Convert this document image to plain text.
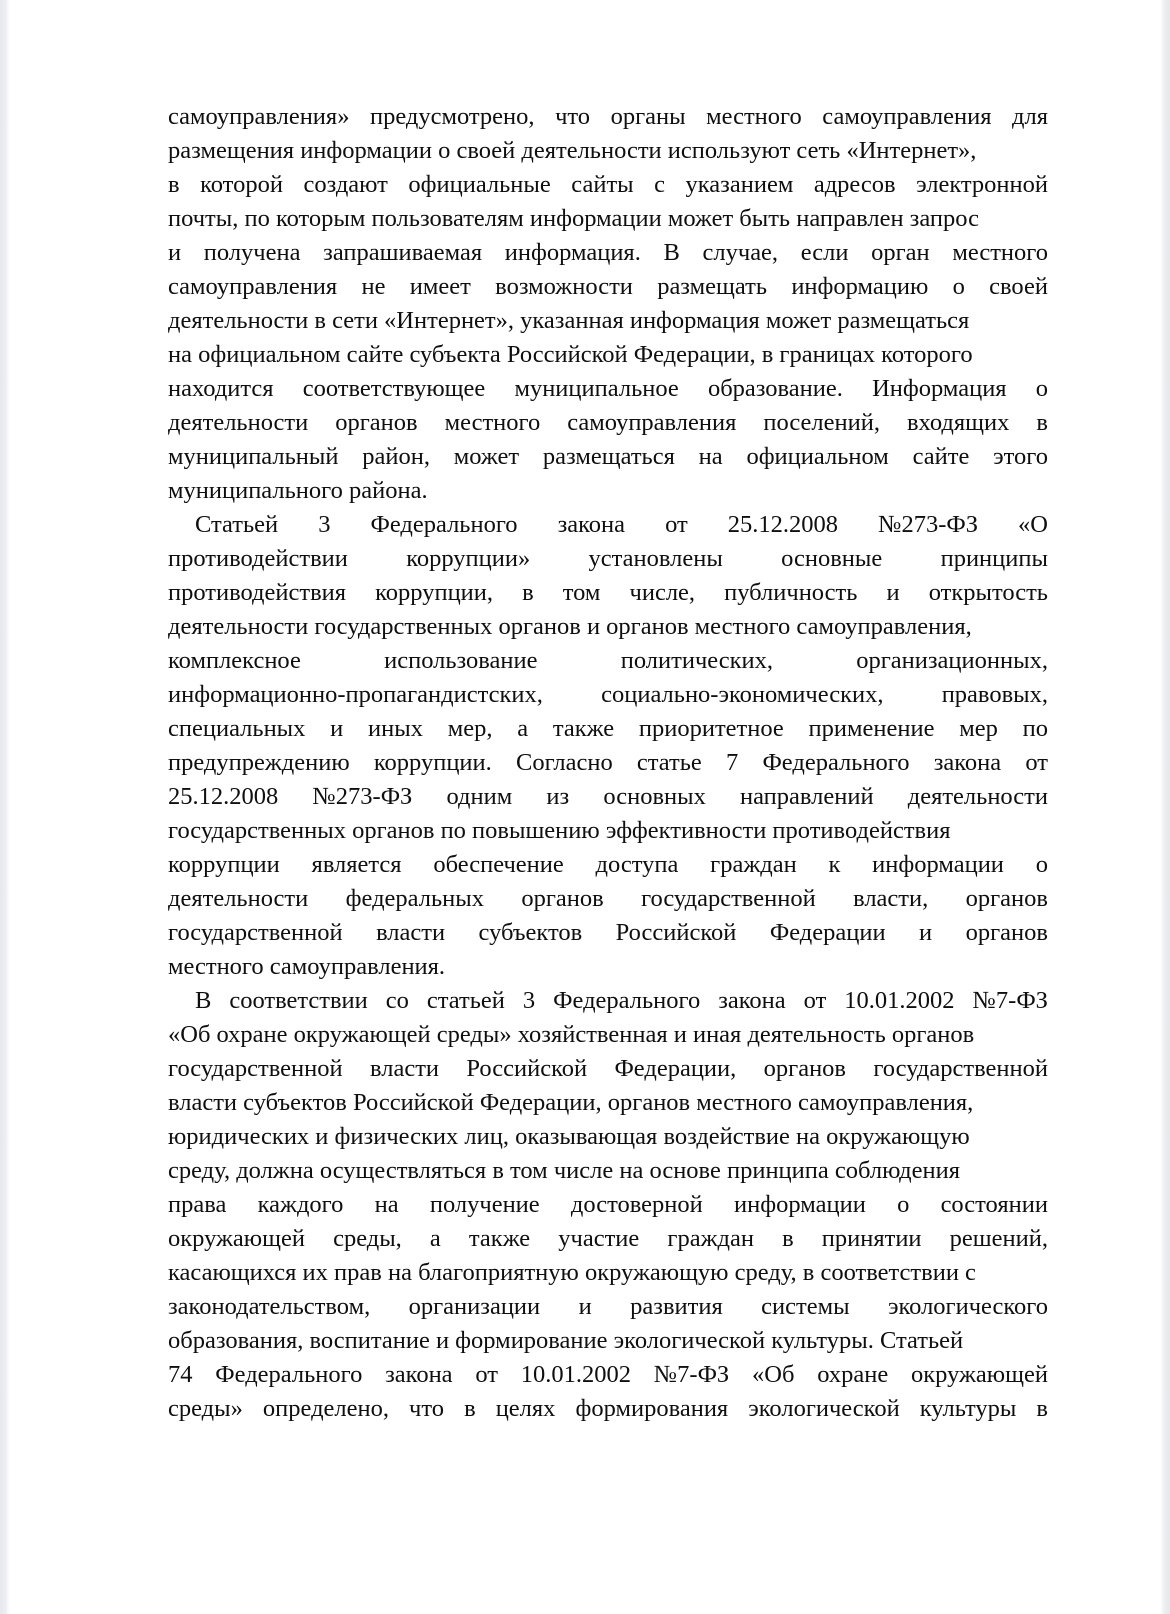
самоуправления» предусмотрено, что органы местного самоуправления для
размещения информации о своей деятельности используют сеть «Интернет»,
в которой создают официальные сайты с указанием адресов электронной
почты, по которым пользователям информации может быть направлен запрос
и получена запрашиваемая информация. В случае, если орган местного
самоуправления не имеет возможности размещать информацию о своей
деятельности в сети «Интернет», указанная информация может размещаться
на официальном сайте субъекта Российской Федерации, в границах которого
находится соответствующее муниципальное образование. Информация о
деятельности органов местного самоуправления поселений, входящих в
муниципальный район, может размещаться на официальном сайте этого
муниципального района.
Статьей 3 Федерального закона от 25.12.2008 №273-ФЗ «О
противодействии коррупции» установлены основные принципы
противодействия коррупции, в том числе, публичность и открытость
деятельности государственных органов и органов местного самоуправления,
комплексное	использование	политических,	организационных,
информационно-пропагандистских, социально-экономических, правовых,
специальных и иных мер, а также приоритетное применение мер по
предупреждению коррупции. Согласно статье 7 Федерального закона от
25.12.2008 №273-ФЗ одним из основных направлений деятельности
государственных органов по повышению эффективности противодействия
коррупции является обеспечение доступа граждан к информации о
деятельности федеральных органов государственной власти, органов
государственной власти субъектов Российской Федерации и органов
местного самоуправления.
В соответствии со статьей 3 Федерального закона от 10.01.2002 №7-ФЗ
«Об охране окружающей среды» хозяйственная и иная деятельность органов
государственной власти Российской Федерации, органов государственной
власти субъектов Российской Федерации, органов местного самоуправления,
юридических и физических лиц, оказывающая воздействие на окружающую
среду, должна осуществляться в том числе на основе принципа соблюдения
права каждого на получение достоверной информации о состоянии
окружающей среды, а также участие граждан в принятии решений,
касающихся их прав на благоприятную окружающую среду, в соответствии с
законодательством, организации и развития системы экологического
образования, воспитание и формирование экологической культуры. Статьей
74 Федерального закона от 10.01.2002 №7-ФЗ «Об охране окружающей
среды» определено, что в целях формирования экологической культуры в
